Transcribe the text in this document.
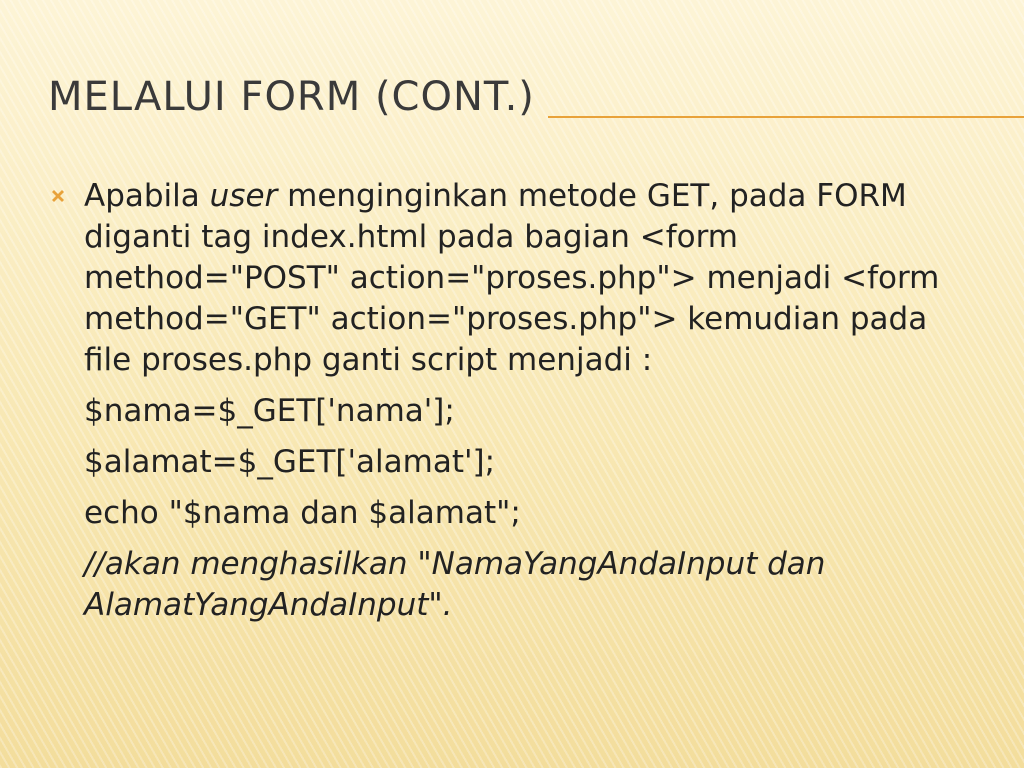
MELALUI FORM (CONT.)

Apabila user menginginkan metode GET, pada FORM diganti tag index.html pada bagian <form method="POST" action="proses.php"> menjadi <form method="GET" action="proses.php"> kemudian pada file proses.php ganti script menjadi :

$nama=$_GET['nama'];

$alamat=$_GET['alamat'];

echo "$nama dan $alamat";

//akan menghasilkan "NamaYangAndaInput dan AlamatYangAndaInput".
